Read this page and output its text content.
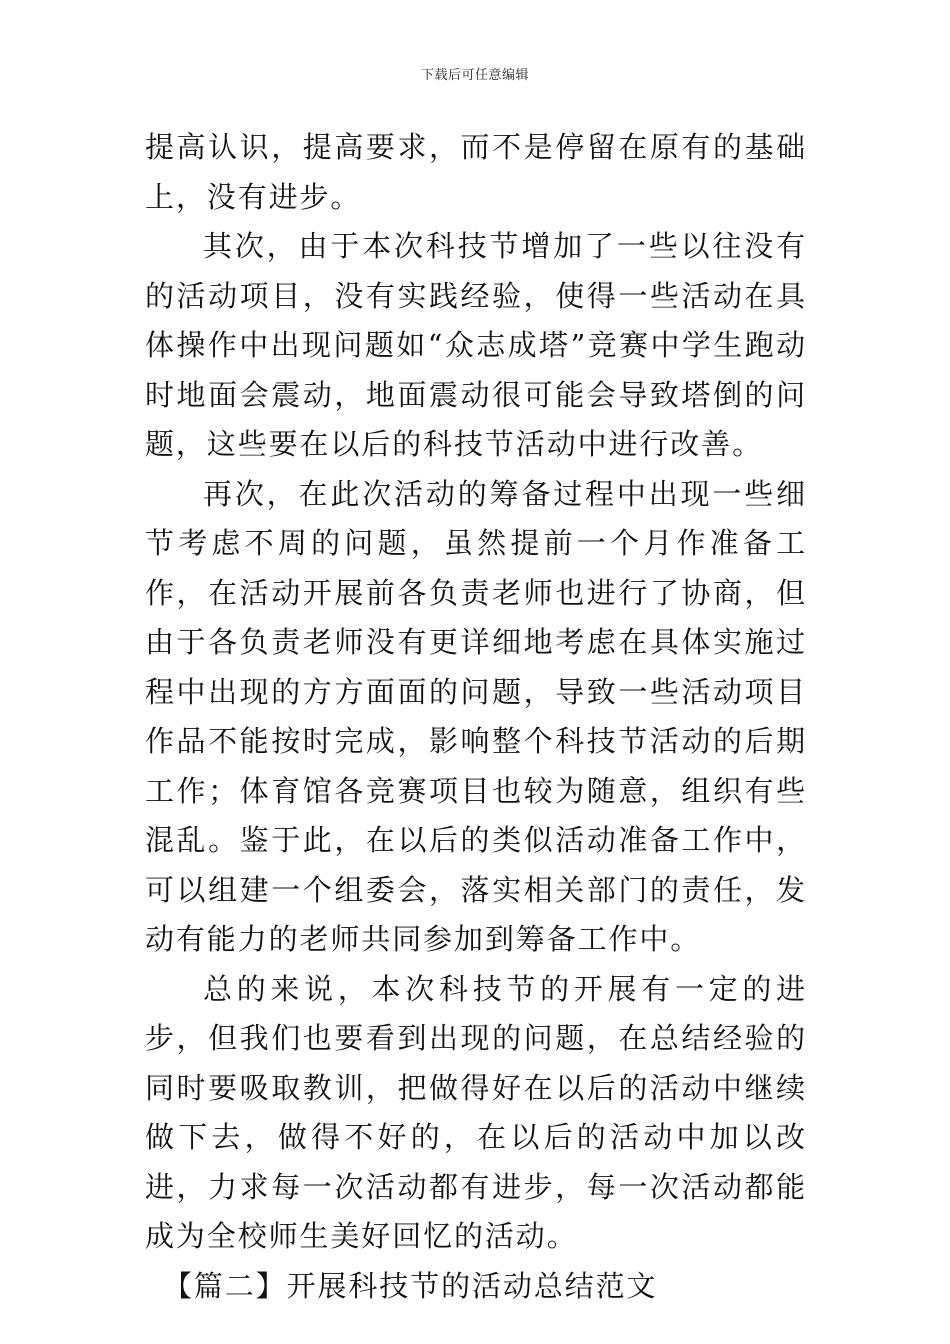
下载后可任意编辑

提高认识，提高要求，而不是停留在原有的基础上，没有进步。

其次，由于本次科技节增加了一些以往没有的活动项目，没有实践经验，使得一些活动在具体操作中出现问题如“众志成塔”竞赛中学生跑动时地面会震动，地面震动很可能会导致塔倒的问题，这些要在以后的科技节活动中进行改善。

再次，在此次活动的筹备过程中出现一些细节考虑不周的问题，虽然提前一个月作准备工作，在活动开展前各负责老师也进行了协商，但由于各负责老师没有更详细地考虑在具体实施过程中出现的方方面面的问题，导致一些活动项目作品不能按时完成，影响整个科技节活动的后期工作；体育馆各竞赛项目也较为随意，组织有些混乱。鉴于此，在以后的类似活动准备工作中，可以组建一个组委会，落实相关部门的责任，发动有能力的老师共同参加到筹备工作中。

总的来说，本次科技节的开展有一定的进步，但我们也要看到出现的问题，在总结经验的同时要吸取教训，把做得好在以后的活动中继续做下去，做得不好的，在以后的活动中加以改进，力求每一次活动都有进步，每一次活动都能成为全校师生美好回忆的活动。

【篇二】开展科技节的活动总结范文
